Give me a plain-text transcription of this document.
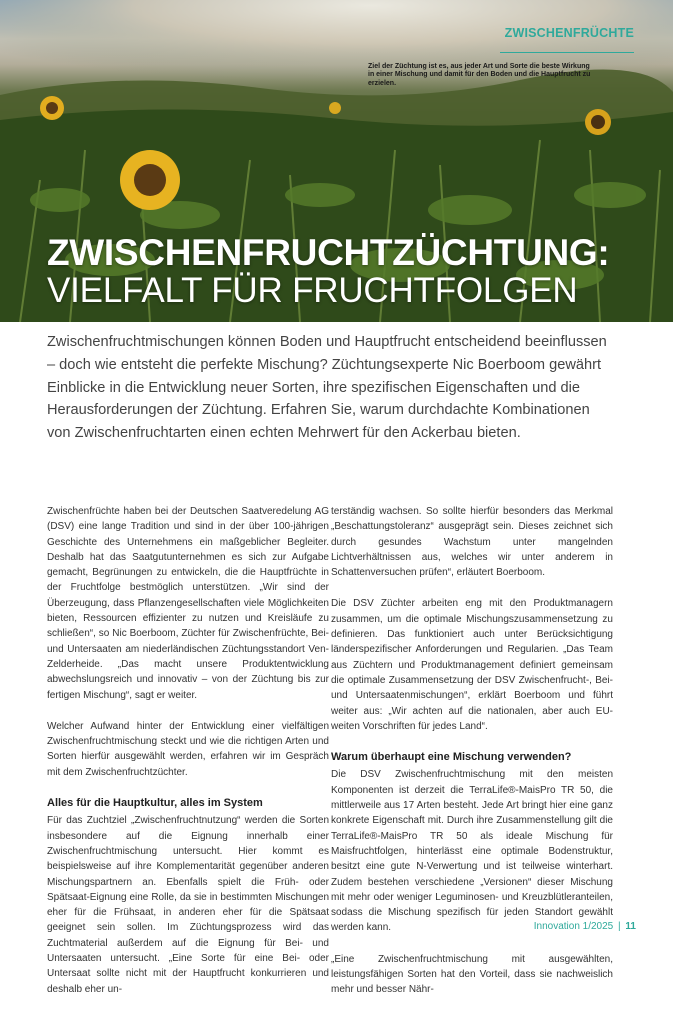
ZWISCHENFRÜCHTE
Ziel der Züchtung ist es, aus jeder Art und Sorte die beste Wirkung in einer Mischung und damit für den Boden und die Hauptfrucht zu erzielen.
ZWISCHENFRUCHTZÜCHTUNG:
VIELFALT FÜR FRUCHTFOLGEN
Zwischenfruchtmischungen können Boden und Hauptfrucht entscheidend beeinflussen – doch wie entsteht die perfekte Mischung? Züchtungsexperte Nic Boerboom gewährt Einblicke in die Entwicklung neuer Sorten, ihre spezifischen Eigenschaften und die Herausforderungen der Züchtung. Erfahren Sie, warum durchdachte Kombinationen von Zwischenfruchtarten einen echten Mehrwert für den Ackerbau bieten.

Zwischenfrüchte haben bei der Deutschen Saatveredelung AG (DSV) eine lange Tradition und sind in der über 100-jährigen Geschichte des Unternehmens ein maßgeblicher Begleiter. Deshalb hat das Saatgutunternehmen es sich zur Aufgabe gemacht, Begrünungen zu entwickeln, die die Hauptfrüchte in der Fruchtfolge bestmöglich unterstützen. „Wir sind der Überzeugung, dass Pflanzengesellschaften viele Möglichkeiten bieten, Ressourcen effizienter zu nutzen und Kreisläufe zu schließen“, so Nic Boerboom, Züchter für Zwischenfrüchte, Bei- und Untersaaten am niederländischen Züchtungsstandort Ven-Zelderheide. „Das macht unsere Produktentwicklung abwechslungsreich und innovativ – von der Züchtung bis zur fertigen Mischung“, sagt er weiter.

Welcher Aufwand hinter der Entwicklung einer vielfältigen Zwischenfruchtmischung steckt und wie die richtigen Arten und Sorten hierfür ausgewählt werden, erfahren wir im Gespräch mit dem Zwischenfruchtzüchter.

Alles für die Hauptkultur, alles im System

Für das Zuchtziel „Zwischenfruchtnutzung“ werden die Sorten insbesondere auf die Eignung innerhalb einer Zwischenfruchtmischung untersucht. Hier kommt es beispielsweise auf ihre Komplementarität gegenüber anderen Mischungspartnern an. Ebenfalls spielt die Früh- oder Spätsaat-Eignung eine Rolle, da sie in bestimmten Mischungen eher für die Frühsaat, in anderen eher für die Spätsaat geeignet sein sollen. Im Züchtungsprozess wird das Zuchtmaterial außerdem auf die Eignung für Bei- und Untersaaten untersucht. „Eine Sorte für eine Bei- oder Untersaat sollte nicht mit der Hauptfrucht konkurrieren und deshalb eher un-

terständig wachsen. So sollte hierfür besonders das Merkmal „Beschattungstoleranz“ ausgeprägt sein. Dieses zeichnet sich durch gesundes Wachstum unter mangelnden Lichtverhältnissen aus, welches wir unter anderem in Schattenversuchen prüfen“, erläutert Boerboom.

Die DSV Züchter arbeiten eng mit den Produktmanagern zusammen, um die optimale Mischungszusammensetzung zu definieren. Das funktioniert auch unter Berücksichtigung länderspezifischer Anforderungen und Regularien. „Das Team aus Züchtern und Produktmanagement definiert gemeinsam die optimale Zusammensetzung der DSV Zwischenfrucht-, Bei- und Untersaatenmischungen“, erklärt Boerboom und führt weiter aus: „Wir achten auf die nationalen, aber auch EU-weiten Vorschriften für jedes Land“.

Warum überhaupt eine Mischung verwenden?

Die DSV Zwischenfruchtmischung mit den meisten Komponenten ist derzeit die TerraLife®-MaisPro TR 50, die mittlerweile aus 17 Arten besteht. Jede Art bringt hier eine ganz konkrete Eigenschaft mit. Durch ihre Zusammenstellung gilt die TerraLife®-MaisPro TR 50 als ideale Mischung für Maisfruchtfolgen, hinterlässt eine optimale Bodenstruktur, besitzt eine gute N-Verwertung und ist teilweise winterhart. Zudem bestehen verschiedene „Versionen“ dieser Mischung mit mehr oder weniger Leguminosen- und Kreuzblütleranteilen, sodass die Mischung spezifisch für jeden Standort gewählt werden kann.

„Eine Zwischenfruchtmischung mit ausgewählten, leistungsfähigen Sorten hat den Vorteil, dass sie nachweislich mehr und besser Nähr-

Innovation 1/2025 | 11
